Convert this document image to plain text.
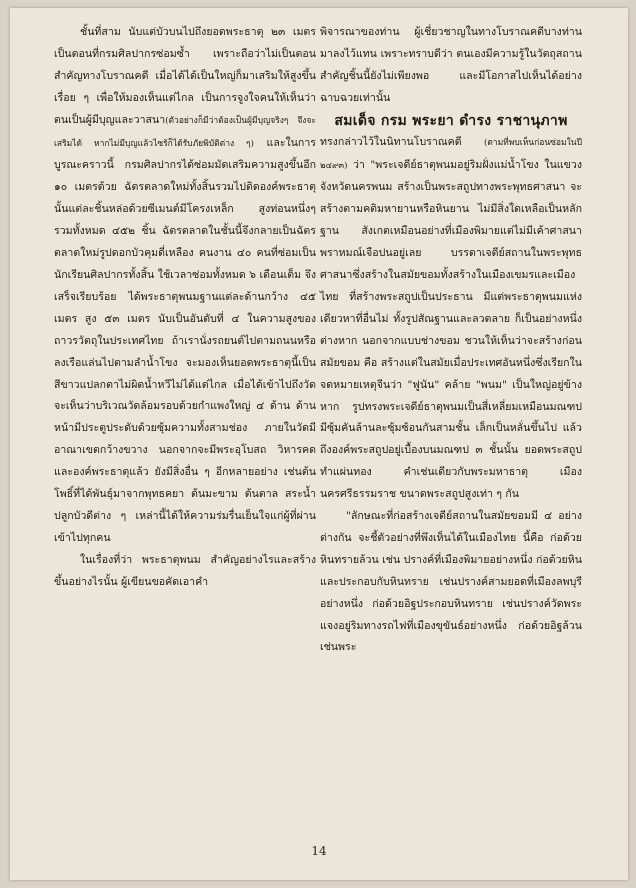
ชั้นที่สาม นับแต่บัวบนไปถึงยอดพระธาตุ ๒๓ เมตร เป็นตอนที่กรมศิลปากรซ่อมซ้ำ เพราะถือว่าไม่เป็นตอนสำคัญทางโบราณคดี เมื่อได้ได้เป็นใหญ่ก็มาเสริมให้สูงขึ้นเรื่อย ๆ เพื่อให้มองเห็นแต่ไกล เป็นการจูงใจคนให้เห็นว่าตนเป็นผู้มีบุญและวาสนา(ตัวอย่างก็มีว่าต้องเป็นผู้มีบุญจริงๆ จึงจะเสริมได้ หากไม่มีบุญแล้วไซร้ก็ได้รับภัยพิบัติต่าง ๆ) และในการบูรณะคราวนี้ กรมศิลปากรได้ซ่อมมัดเสริมความสูงขึ้นอีก ๑๐ เมตรด้วย ฉัตรตลาดใหม่ทั้งสิ้นรวมไปติดองค์พระธาตุนั้นแต่ละชิ้นหล่อด้วยซีเมนต์มีโครงเหล็ก สูงท่อนหนึ่งๆ รวมทั้งหมด ๔๕๒ ชิ้น ฉัตรตลาดในชั้นนี้จึงกลายเป็นฉัตรตลาดใหม่รูปดอกบัวคุมดี่เหลือง คนงาน ๔๐ คนที่ซ่อมเป็นนักเรียนศิลปากรทั้งสิ้น ใช้เวลาซ่อมทั้งหมด ๖ เดือนเต็ม จึงเสร็จเรียบร้อย ได้พระธาตุพนมฐานแต่ละด้านกว้าง ๔๕ เมตร สูง ๕๓ เมตร นับเป็นอันดับที่ ๔ ในความสูงของถาวรวัตถุในประเทศไทย ถ้าเรานั่งรถยนต์ไปตามถนนหรือลงเรือแล่นไปตามลำน้ำโขง จะมองเห็นยอดพระธาตุนี้เป็นสีขาวแปลกตาไม่ผิดน้ำหวีไม่ได้แต่ไกล เมื่อได้เข้าไปถึงวัดจะเห็นว่าบริเวณวัดล้อมรอบด้วยกำแพงใหญ่ ๔ ด้าน ด้านหน้ามีประตูประดับด้วยซุ้มความทั้งสามช่อง ภายในวัดมีอาณาเขตกว้างขวาง นอกจากจะมีพระอุโบสถ วิหารคด และองค์พระธาตุแล้ว ยังมีสิ่งอื่น ๆ อีกหลายอย่าง เช่นต้นโพธิ์ที่ได้พันธุ์มาจากพุทธคยา ต้นมะขาม ต้นตาล สระน้ำปลูกบัวดีต่าง ๆ เหล่านี้ได้ให้ความร่มรื่นเย็นใจแก่ผู้ที่ผ่านเข้าไปทุกคน

ในเรื่องที่ว่า พระธาตุพนม สำคัญอย่างไรและสร้างขึ้นอย่างไรนั้น ผู้เขียนขอคัดเอาคำ

พิจารณาของท่าน ผู้เชี่ยวชาญในทางโบราณคดีบางท่านมาลงไว้แทน เพราะทราบดีว่า ตนเองมีความรู้ในวัตถุสถาน สำคัญชิ้นนี้ยังไม่เพียงพอ และมีโอกาสไปเห็นได้อย่างฉาบฉวยเท่านั้น

สมเด็จ กรม พระยา ดำรง ราชานุภาพ

ทรงกล่าวไว้ในนิทานโบราณคดี	(ตามที่พบเห็นก่อนซ่อมในปี ๒๔๙๓) ว่า "พระเจดีย์ธาตุพนมอยู่ริมฝั่งแม่น้ำโขง ในแขวงจังหวัดนครพนม สร้างเป็นพระสถูปทางพระพุทธศาสนา จะสร้างตามคติมหายานหรือหินยาน ไม่มีสิ่งใดเหลือเป็นหลักฐาน สังเกตเหมือนอย่างที่เมืองพิมายแต่ไม่มีเค้าศาสนาพราหมณ์เจือปนอยู่เลย บรรดาเจดีย์สถานในพระพุทธศาสนาซึ่งสร้างในสมัยขอมทั้งสร้างในเมืองเขมรและเมืองไทย ที่สร้างพระสถูปเป็นประธาน มีแต่พระธาตุพนมแห่งเดียวหาที่อื่นไม่ ทั้งรูปสัณฐานและลวดลาย ก็เป็นอย่างหนึ่งต่างหาก นอกจากแบบช่างขอม ชวนให้เห็นว่าจะสร้างก่อนสมัยขอม คือ สร้างแต่ในสมัยเมื่อประเทศอันหนึ่งซึ่งเรียกในจดหมายเหตุจีนว่า "ฟูนัน" คล้าย "พนม" เป็นใหญ่อยู่ข้างหาก รูปทรงพระเจดีย์ธาตุพนมเป็นสี่เหลี่ยมเหมือนมณฑป มีซุ้มคันล้านละซุ้มซ้อนกันสามชั้น เล็กเป็นหลั่นขึ้นไป แล้วถึงองค์พระสถูปอยู่เบื้องบนมณฑป ๓ ชั้นนั้น ยอดพระสถูปทำแผ่นทอง คำเช่นเดียวกับพระมหาธาตุ เมืองนครศรีธรรมราช ขนาดพระสถูปสูงเท่า ๆ กัน

"ลักษณะที่ก่อสร้างเจดีย์สถานในสมัยขอมมี ๔ อย่างต่างกัน จะชี้ตัวอย่างที่พึงเห็นได้ในเมืองไทย นี้คือ ก่อด้วยหินทรายล้วน เช่น ปรางค์ที่เมืองพิมายอย่างหนึ่ง ก่อด้วยหินและประกอบกับหินทราย เช่นปรางค์สามยอดที่เมืองลพบุรีอย่างหนึ่ง ก่อด้วยอิฐประกอบหินทราย เช่นปรางค์วัดพระแจงอยู่ริมทางรถไฟที่เมืองขุขันธ์อย่างหนึ่ง ก่อด้วยอิฐล้วน เช่นพระ

14
